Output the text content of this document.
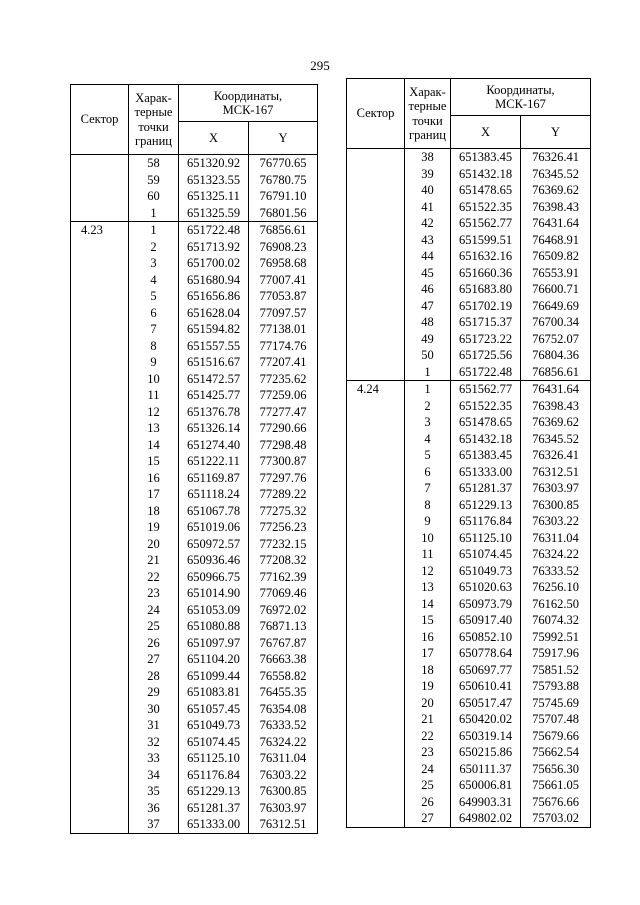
295
Сектор	Харак-
терные
точки
границ	Координаты,
МСК-167	
		X	Y
	58	651320.92	76770.65
	59	651323.55	76780.75
	60	651325.11	76791.10
	1	651325.59	76801.56
4.23	1	651722.48	76856.61
	2	651713.92	76908.23
	3	651700.02	76958.68
	4	651680.94	77007.41
	5	651656.86	77053.87
	6	651628.04	77097.57
	7	651594.82	77138.01
	8	651557.55	77174.76
	9	651516.67	77207.41
	10	651472.57	77235.62
	11	651425.77	77259.06
	12	651376.78	77277.47
	13	651326.14	77290.66
	14	651274.40	77298.48
	15	651222.11	77300.87
	16	651169.87	77297.76
	17	651118.24	77289.22
	18	651067.78	77275.32
	19	651019.06	77256.23
	20	650972.57	77232.15
	21	650936.46	77208.32
	22	650966.75	77162.39
	23	651014.90	77069.46
	24	651053.09	76972.02
	25	651080.88	76871.13
	26	651097.97	76767.87
	27	651104.20	76663.38
	28	651099.44	76558.82
	29	651083.81	76455.35
	30	651057.45	76354.08
	31	651049.73	76333.52
	32	651074.45	76324.22
	33	651125.10	76311.04
	34	651176.84	76303.22
	35	651229.13	76300.85
	36	651281.37	76303.97
	37	651333.00	76312.51
Сектор	Харак-
терные
точки
границ	Координаты,
МСК-167	
		X	Y
	38	651383.45	76326.41
	39	651432.18	76345.52
	40	651478.65	76369.62
	41	651522.35	76398.43
	42	651562.77	76431.64
	43	651599.51	76468.91
	44	651632.16	76509.82
	45	651660.36	76553.91
	46	651683.80	76600.71
	47	651702.19	76649.69
	48	651715.37	76700.34
	49	651723.22	76752.07
	50	651725.56	76804.36
	1	651722.48	76856.61
4.24	1	651562.77	76431.64
	2	651522.35	76398.43
	3	651478.65	76369.62
	4	651432.18	76345.52
	5	651383.45	76326.41
	6	651333.00	76312.51
	7	651281.37	76303.97
	8	651229.13	76300.85
	9	651176.84	76303.22
	10	651125.10	76311.04
	11	651074.45	76324.22
	12	651049.73	76333.52
	13	651020.63	76256.10
	14	650973.79	76162.50
	15	650917.40	76074.32
	16	650852.10	75992.51
	17	650778.64	75917.96
	18	650697.77	75851.52
	19	650610.41	75793.88
	20	650517.47	75745.69
	21	650420.02	75707.48
	22	650319.14	75679.66
	23	650215.86	75662.54
	24	650111.37	75656.30
	25	650006.81	75661.05
	26	649903.31	75676.66
	27	649802.02	75703.02
